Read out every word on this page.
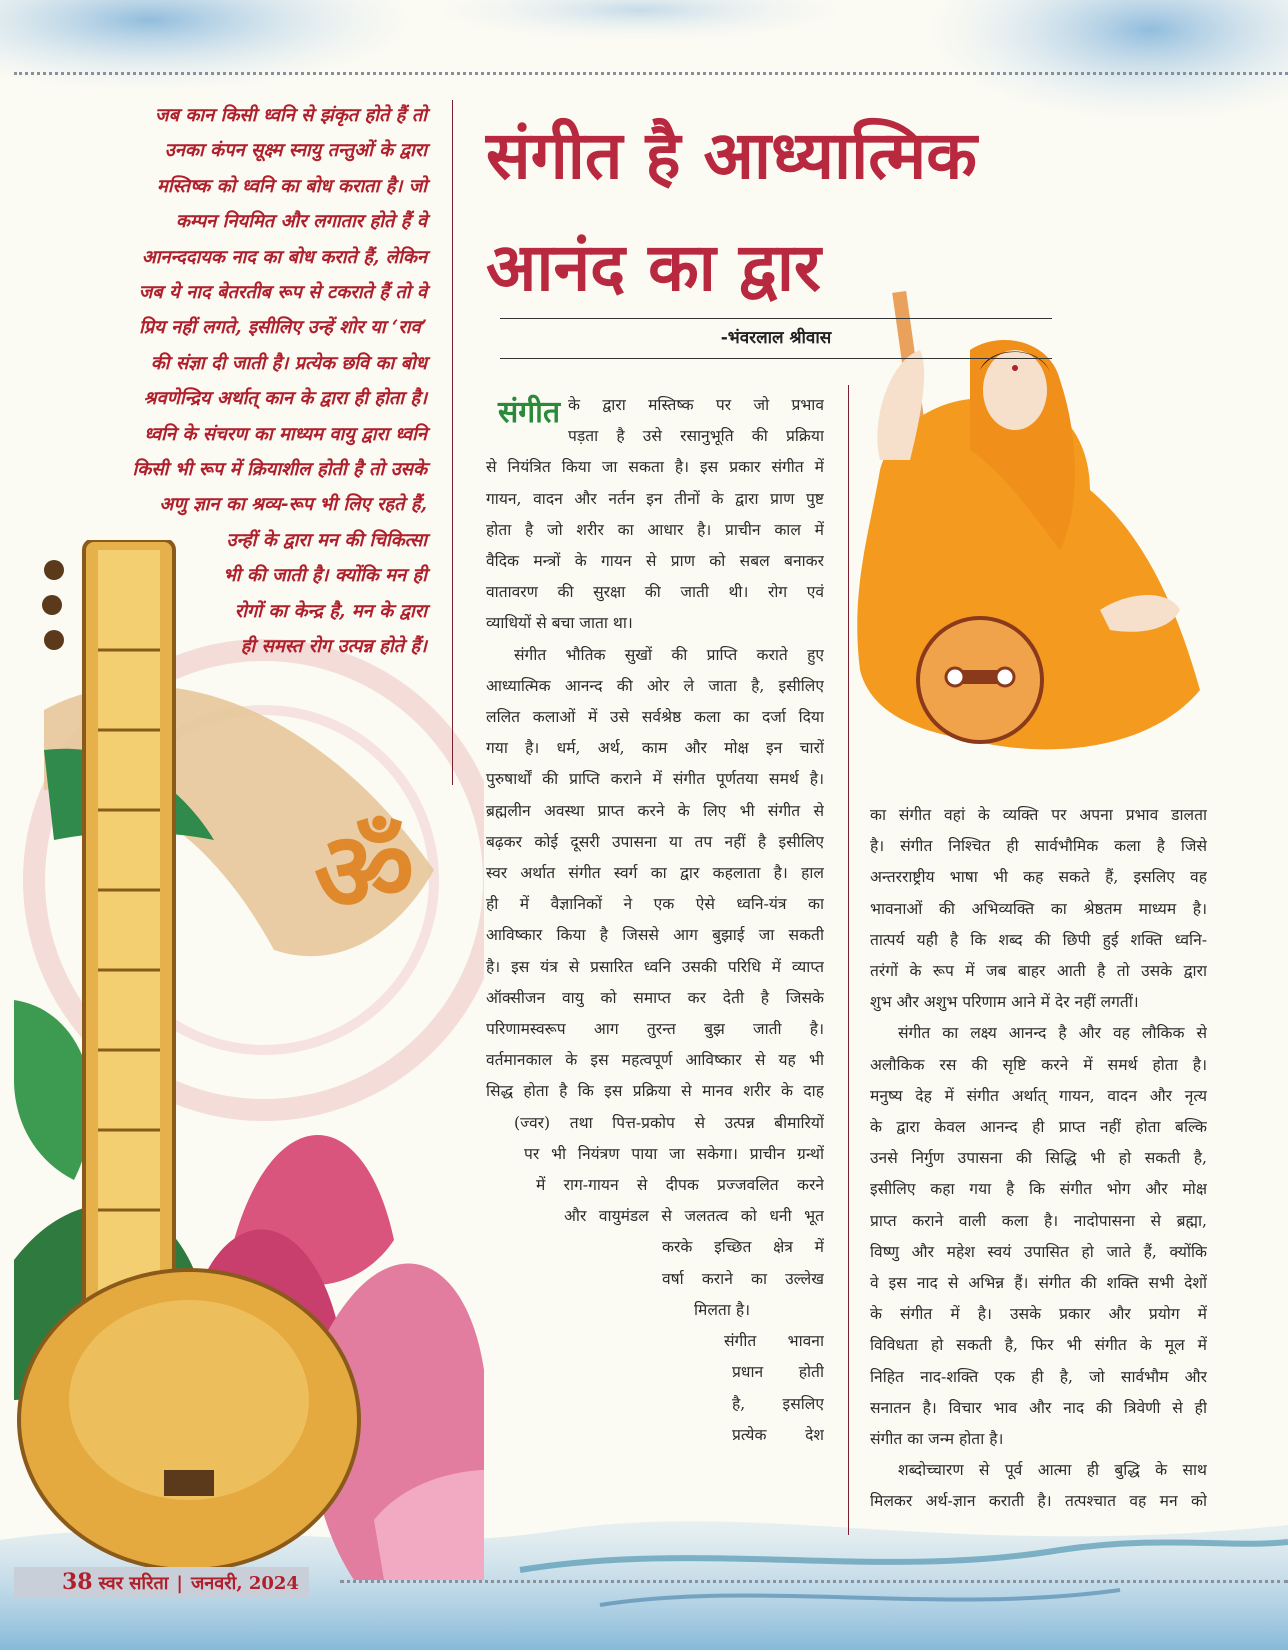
ॐ
जब कान किसी ध्वनि से झंकृत होते हैं तो
उनका कंपन सूक्ष्म स्नायु तन्तुओं के द्वारा
मस्तिष्क को ध्वनि का बोध कराता है। जो
कम्पन नियमित और लगातार होते हैं वे
आनन्ददायक नाद का बोध कराते हैं, लेकिन
जब ये नाद बेतरतीब रूप से टकराते हैं तो वे
प्रिय नहीं लगते, इसीलिए उन्हें शोर या ‘राव’
की संज्ञा दी जाती है। प्रत्येक छवि का बोध
श्रवणेन्द्रिय अर्थात् कान के द्वारा ही होता है।
ध्वनि के संचरण का माध्यम वायु द्वारा ध्वनि
किसी भी रूप में क्रियाशील होती है तो उसके
अणु ज्ञान का श्रव्य-रूप भी लिए रहते हैं,
उन्हीं के द्वारा मन की चिकित्सा
भी की जाती है। क्योंकि मन ही
रोगों का केन्द्र है, मन के द्वारा
ही समस्त रोग उत्पन्न होते हैं।
संगीत है आध्यात्मिक
आनंद का द्वार
-भंवरलाल श्रीवास
संगीत के द्वारा मस्तिष्क पर जो प्रभाव
पड़ता है उसे रसानुभूति की प्रक्रिया
से नियंत्रित किया जा सकता है। इस प्रकार संगीत में
गायन, वादन और नर्तन इन तीनों के द्वारा प्राण पुष्ट
होता है जो शरीर का आधार है। प्राचीन काल में
वैदिक मन्त्रों के गायन से प्राण को सबल बनाकर
वातावरण की सुरक्षा की जाती थी। रोग एवं
व्याधियों से बचा जाता था।
संगीत भौतिक सुखों की प्राप्ति कराते हुए
आध्यात्मिक आनन्द की ओर ले जाता है, इसीलिए
ललित कलाओं में उसे सर्वश्रेष्ठ कला का दर्जा दिया
गया है। धर्म, अर्थ, काम और मोक्ष इन चारों
पुरुषार्थों की प्राप्ति कराने में संगीत पूर्णतया समर्थ है।
ब्रह्मलीन अवस्था प्राप्त करने के लिए भी संगीत से
बढ़कर कोई दूसरी उपासना या तप नहीं है इसीलिए
स्वर अर्थात संगीत स्वर्ग का द्वार कहलाता है। हाल
ही में वैज्ञानिकों ने एक ऐसे ध्वनि-यंत्र का
आविष्कार किया है जिससे आग बुझाई जा सकती
है। इस यंत्र से प्रसारित ध्वनि उसकी परिधि में व्याप्त
ऑक्सीजन वायु को समाप्त कर देती है जिसके
परिणामस्वरूप आग तुरन्त बुझ जाती है।
वर्तमानकाल के इस महत्वपूर्ण आविष्कार से यह भी
सिद्ध होता है कि इस प्रक्रिया से मानव शरीर के दाह
(ज्वर) तथा पित्त-प्रकोप से उत्पन्न बीमारियों
पर भी नियंत्रण पाया जा सकेगा। प्राचीन ग्रन्थों
में राग-गायन से दीपक प्रज्जवलित करने
और वायुमंडल से जलतत्व को धनी भूत
करके इच्छित क्षेत्र में
वर्षा कराने का उल्लेख
मिलता है।
संगीत भावना
प्रधान होती
है, इसलिए
प्रत्येक देश
का संगीत वहां के व्यक्ति पर अपना प्रभाव डालता
है। संगीत निश्चित ही सार्वभौमिक कला है जिसे
अन्तरराष्ट्रीय भाषा भी कह सकते हैं, इसलिए वह
भावनाओं की अभिव्यक्ति का श्रेष्ठतम माध्यम है।
तात्पर्य यही है कि शब्द की छिपी हुई शक्ति ध्वनि-
तरंगों के रूप में जब बाहर आती है तो उसके द्वारा
शुभ और अशुभ परिणाम आने में देर नहीं लगतीं।
संगीत का लक्ष्य आनन्द है और वह लौकिक से
अलौकिक रस की सृष्टि करने में समर्थ होता है।
मनुष्य देह में संगीत अर्थात् गायन, वादन और नृत्य
के द्वारा केवल आनन्द ही प्राप्त नहीं होता बल्कि
उनसे निर्गुण उपासना की सिद्धि भी हो सकती है,
इसीलिए कहा गया है कि संगीत भोग और मोक्ष
प्राप्त कराने वाली कला है। नादोपासना से ब्रह्मा,
विष्णु और महेश स्वयं उपासित हो जाते हैं, क्योंकि
वे इस नाद से अभिन्न हैं। संगीत की शक्ति सभी देशों
के संगीत में है। उसके प्रकार और प्रयोग में
विविधता हो सकती है, फिर भी संगीत के मूल में
निहित नाद-शक्ति एक ही है, जो सार्वभौम और
सनातन है। विचार भाव और नाद की त्रिवेणी से ही
संगीत का जन्म होता है।
शब्दोच्चारण से पूर्व आत्मा ही बुद्धि के साथ
मिलकर अर्थ-ज्ञान कराती है। तत्पश्चात वह मन को
38 स्वर सरिता | जनवरी, 2024
